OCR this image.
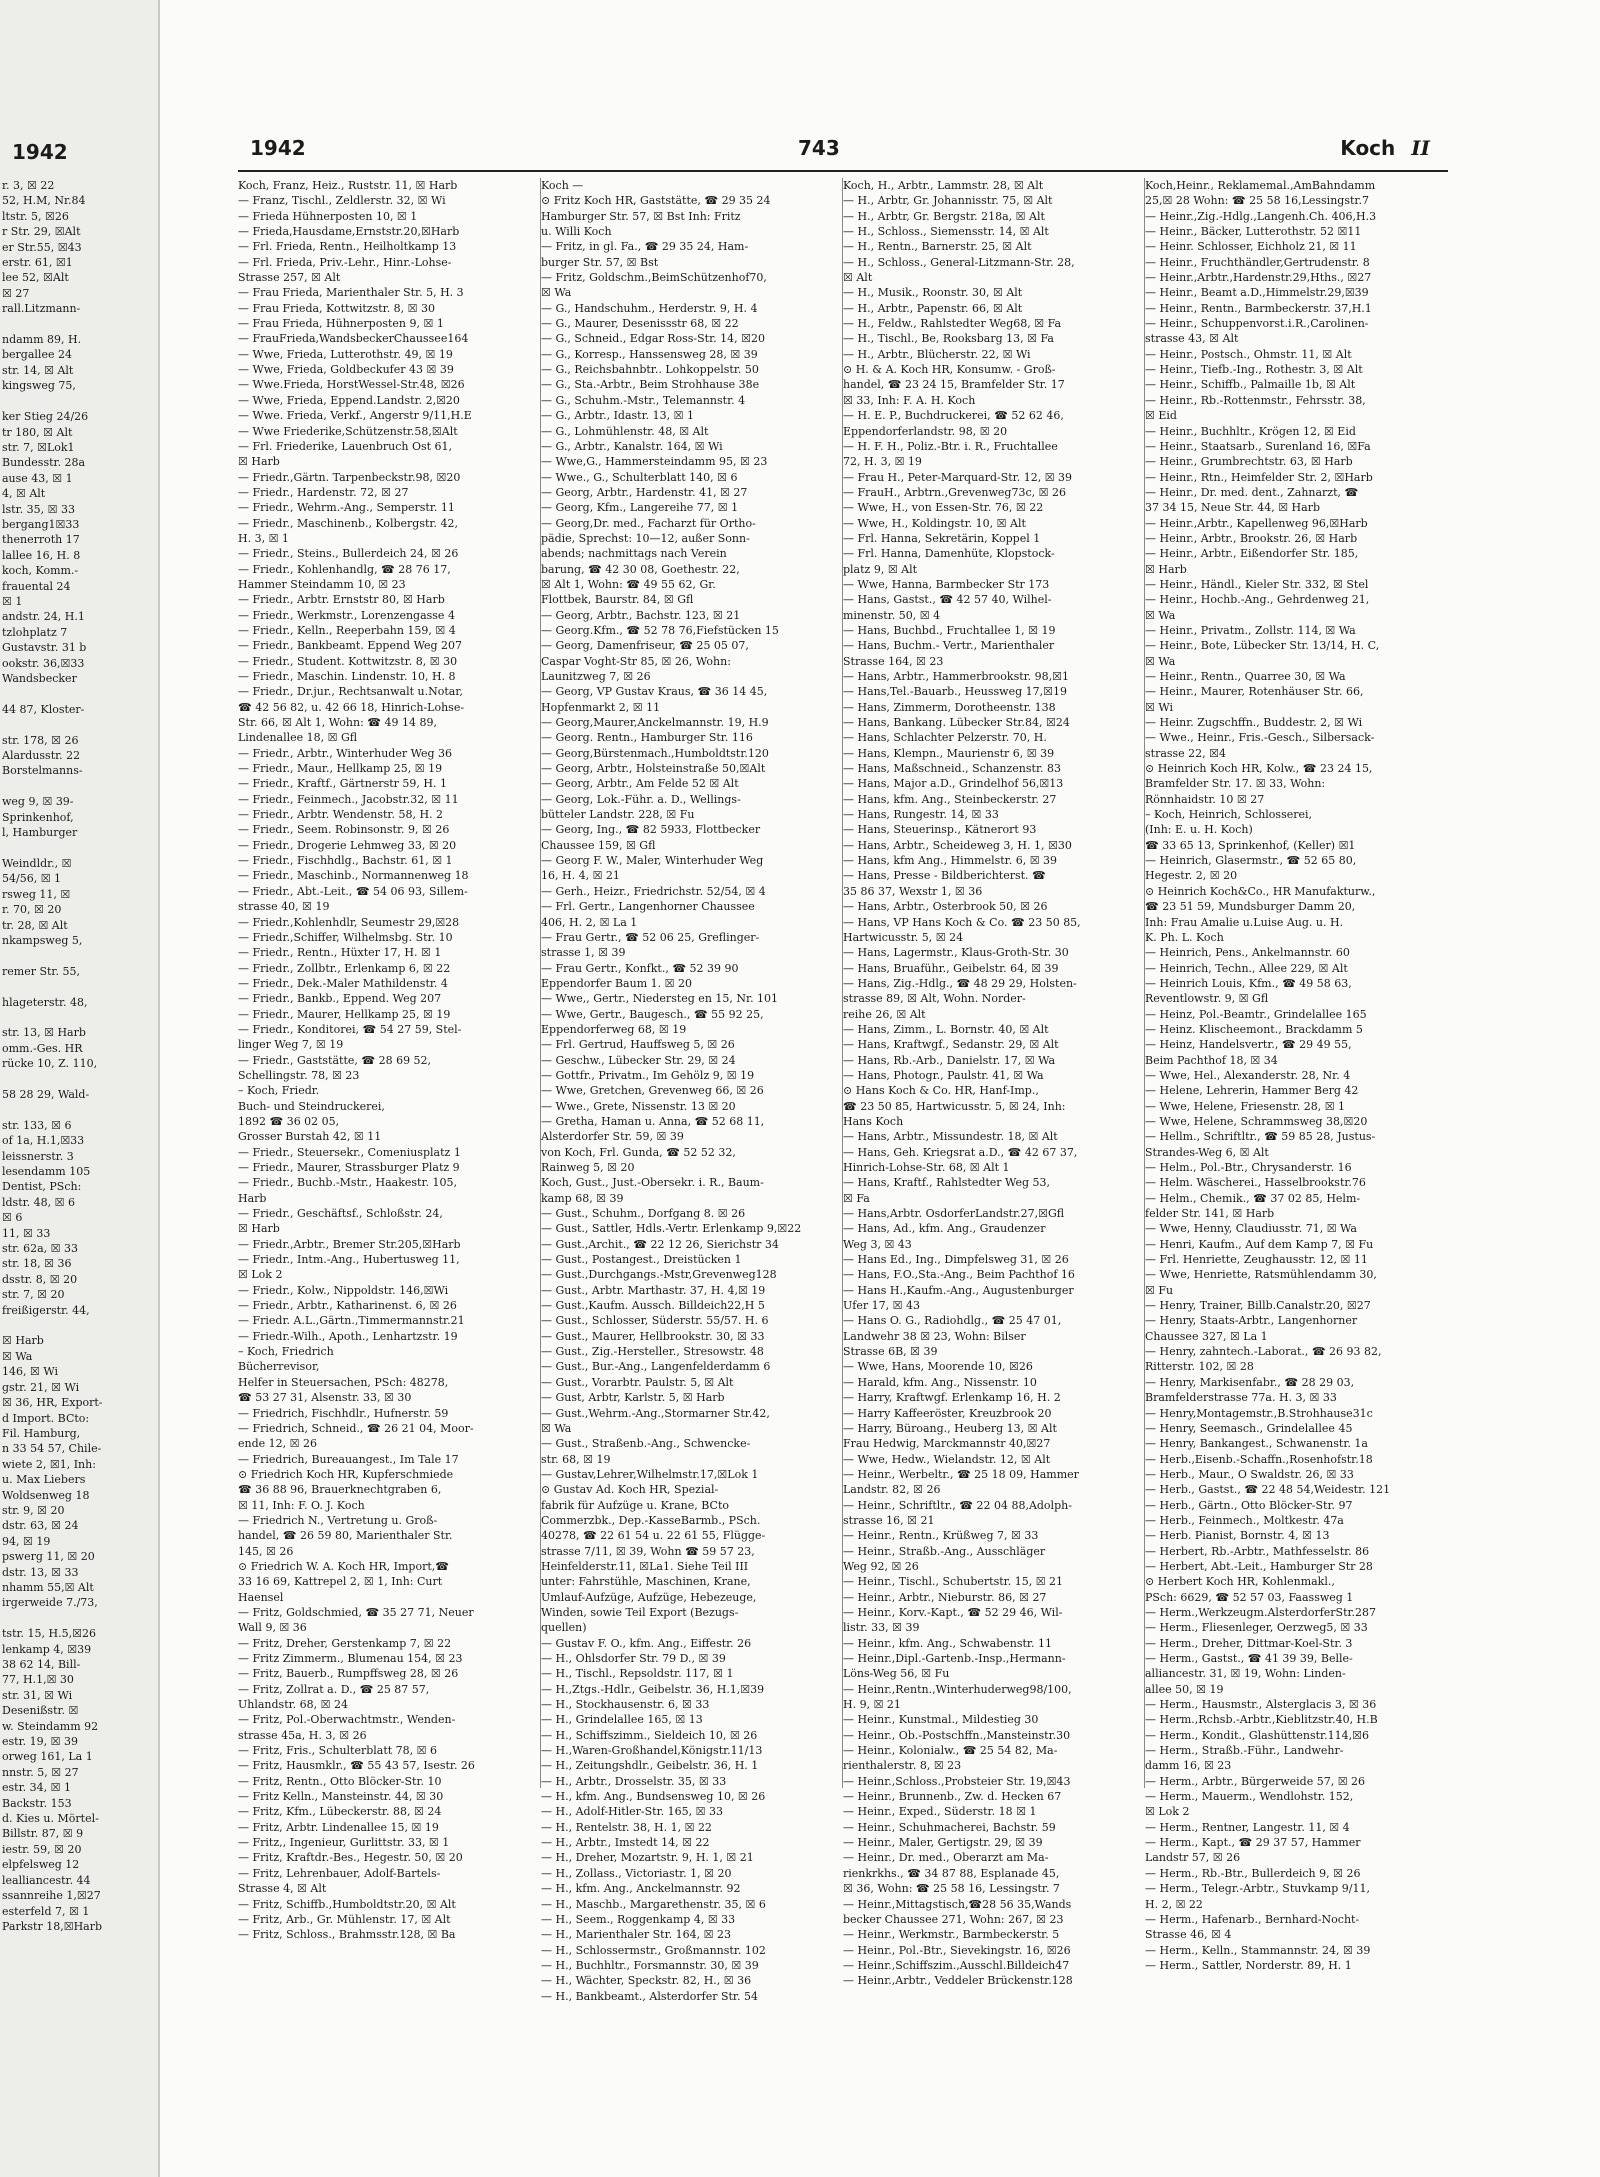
1942
r. 3, ☒ 22
52, H.M, Nr.84
ltstr. 5, ☒26
r Str. 29, ☒Alt
er Str.55, ☒43
erstr. 61, ☒1
lee 52, ☒Alt
☒ 27
rall.Litzmann-

ndamm 89, H.
bergallee 24
str. 14, ☒ Alt
kingsweg 75,

ker Stieg 24/26
tr 180, ☒ Alt
str. 7, ☒Lok1
Bundesstr. 28a
ause 43, ☒ 1
4, ☒ Alt
lstr. 35, ☒ 33
bergang1☒33
thenerroth 17
lallee 16, H. 8
koch, Komm.-
frauental 24
☒ 1
andstr. 24, H.1
tzlohplatz 7
Gustavstr. 31 b
ookstr. 36,☒33
Wandsbecker

44 87, Kloster-

str. 178, ☒ 26
Alardusstr. 22
Borstelmanns-

weg 9, ☒ 39-
Sprinkenhof,
l, Hamburger

Weindldr., ☒
54/56, ☒ 1
rsweg 11, ☒
r. 70, ☒ 20
tr. 28, ☒ Alt
nkampsweg 5,

remer Str. 55,

hlageterstr. 48,

str. 13, ☒ Harb
omm.-Ges. HR
rücke 10, Z. 110,

58 28 29, Wald-

str. 133, ☒ 6
of 1a, H.1,☒33
leissnerstr. 3
lesendamm 105
Dentist, PSch:
ldstr. 48, ☒ 6
☒ 6
11, ☒ 33
str. 62a, ☒ 33
str. 18, ☒ 36
dsstr. 8, ☒ 20
str. 7, ☒ 20
freißigerstr. 44,

☒ Harb
☒ Wa
146, ☒ Wi
gstr. 21, ☒ Wi
☒ 36, HR, Export-
d Import. BCto:
Fil. Hamburg,
n 33 54 57, Chile-
wiete 2, ☒1, Inh:
u. Max Liebers
Woldsenweg 18
str. 9, ☒ 20
dstr. 63, ☒ 24
94, ☒ 19
pswerg 11, ☒ 20
dstr. 13, ☒ 33
nhamm 55,☒ Alt
irgerweide 7./73,

tstr. 15, H.5,☒26
lenkamp 4, ☒39
38 62 14, Bill-
77, H.1,☒ 30
str. 31, ☒ Wi
Desenißstr. ☒
w. Steindamm 92
estr. 19, ☒ 39
orweg 161, La 1
nnstr. 5, ☒ 27
estr. 34, ☒ 1
Backstr. 153
d. Kies u. Mörtel-
Billstr. 87, ☒ 9
iestr. 59, ☒ 20
elpfelsweg 12
lealliancestr. 44
ssannreihe 1,☒27
esterfeld 7, ☒ 1
Parkstr 18,☒Harb
1942	743	Koch II
Koch, Franz, Heiz., Ruststr. 11, ☒ Harb
— Franz, Tischl., Zeldlerstr. 32, ☒ Wi
— Frieda Hühnerposten 10, ☒ 1
— Frieda,Hausdame,Ernststr.20,☒Harb
— Frl. Frieda, Rentn., Heilholtkamp 13
— Frl. Frieda, Priv.-Lehr., Hinr.-Lohse-
Strasse 257, ☒ Alt
— Frau Frieda, Marienthaler Str. 5, H. 3
— Frau Frieda, Kottwitzstr. 8, ☒ 30
— Frau Frieda, Hühnerposten 9, ☒ 1
— FrauFrieda,WandsbeckerChaussee164
— Wwe, Frieda, Lutterothstr. 49, ☒ 19
— Wwe, Frieda, Goldbeckufer 43 ☒ 39
— Wwe.Frieda, HorstWessel-Str.48, ☒26
— Wwe, Frieda, Eppend.Landstr. 2,☒20
— Wwe. Frieda, Verkf., Angerstr 9/11,H.E
— Wwe Friederike,Schützenstr.58,☒Alt
— Frl. Friederike, Lauenbruch Ost 61,
☒ Harb
— Friedr.,Gärtn. Tarpenbeckstr.98, ☒20
— Friedr., Hardenstr. 72, ☒ 27
— Friedr., Wehrm.-Ang., Semperstr. 11
— Friedr., Maschinenb., Kolbergstr. 42,
H. 3, ☒ 1
— Friedr., Steins., Bullerdeich 24, ☒ 26
— Friedr., Kohlenhandlg, ☎ 28 76 17,
Hammer Steindamm 10, ☒ 23
— Friedr., Arbtr. Ernststr 80, ☒ Harb
— Friedr., Werkmstr., Lorenzengasse 4
— Friedr., Kelln., Reeperbahn 159, ☒ 4
— Friedr., Bankbeamt. Eppend Weg 207
— Friedr., Student. Kottwitzstr. 8, ☒ 30
— Friedr., Maschin. Lindenstr. 10, H. 8
— Friedr., Dr.jur., Rechtsanwalt u.Notar,
☎ 42 56 82, u. 42 66 18, Hinrich-Lohse-
Str. 66, ☒ Alt 1, Wohn: ☎ 49 14 89,
Lindenallee 18, ☒ Gfl
— Friedr., Arbtr., Winterhuder Weg 36
— Friedr., Maur., Hellkamp 25, ☒ 19
— Friedr., Kraftf., Gärtnerstr 59, H. 1
— Friedr., Feinmech., Jacobstr.32, ☒ 11
— Friedr., Arbtr. Wendenstr. 58, H. 2
— Friedr., Seem. Robinsonstr. 9, ☒ 26
— Friedr., Drogerie Lehmweg 33, ☒ 20
— Friedr., Fischhdlg., Bachstr. 61, ☒ 1
— Friedr., Maschinb., Normannenweg 18
— Friedr., Abt.-Leit., ☎ 54 06 93, Sillem-
strasse 40, ☒ 19
— Friedr.,Kohlenhdlr, Seumestr 29,☒28
— Friedr.,Schiffer, Wilhelmsbg. Str. 10
— Friedr., Rentn., Hüxter 17, H. ☒ 1
— Friedr., Zollbtr., Erlenkamp 6, ☒ 22
— Friedr., Dek.-Maler Mathildenstr. 4
— Friedr., Bankb., Eppend. Weg 207
— Friedr., Maurer, Hellkamp 25, ☒ 19
— Friedr., Konditorei, ☎ 54 27 59, Stel-
linger Weg 7, ☒ 19
— Friedr., Gaststätte, ☎ 28 69 52,
Schellingstr. 78, ☒ 23
– Koch, Friedr.
Buch- und Steindruckerei,
1892 ☎ 36 02 05,
Grosser Burstah 42, ☒ 11
— Friedr., Steuersekr., Comeniusplatz 1
— Friedr., Maurer, Strassburger Platz 9
— Friedr., Buchb.-Mstr., Haakestr. 105,
Harb
— Friedr., Geschäftsf., Schloßstr. 24,
☒ Harb
— Friedr.,Arbtr., Bremer Str.205,☒Harb
— Friedr., Intm.-Ang., Hubertusweg 11,
☒ Lok 2
— Friedr., Kolw., Nippoldstr. 146,☒Wi
— Friedr., Arbtr., Katharinenst. 6, ☒ 26
— Friedr. A.L.,Gärtn.,Timmermannstr.21
— Friedr.-Wilh., Apoth., Lenhartzstr. 19
– Koch, Friedrich
Bücherrevisor,
Helfer in Steuersachen, PSch: 48278,
☎ 53 27 31, Alsenstr. 33, ☒ 30
— Friedrich, Fischhdlr., Hufnerstr. 59
— Friedrich, Schneid., ☎ 26 21 04, Moor-
ende 12, ☒ 26
— Friedrich, Bureauangest., Im Tale 17
⊙ Friedrich Koch HR, Kupferschmiede
☎ 36 88 96, Brauerknechtgraben 6,
☒ 11, Inh: F. O. J. Koch
— Friedrich N., Vertretung u. Groß-
handel, ☎ 26 59 80, Marienthaler Str.
145, ☒ 26
⊙ Friedrich W. A. Koch HR, Import,☎
33 16 69, Kattrepel 2, ☒ 1, Inh: Curt
Haensel
— Fritz, Goldschmied, ☎ 35 27 71, Neuer
Wall 9, ☒ 36
— Fritz, Dreher, Gerstenkamp 7, ☒ 22
— Fritz Zimmerm., Blumenau 154, ☒ 23
— Fritz, Bauerb., Rumpffsweg 28, ☒ 26
— Fritz, Zollrat a. D., ☎ 25 87 57,
Uhlandstr. 68, ☒ 24
— Fritz, Pol.-Oberwachtmstr., Wenden-
strasse 45a, H. 3, ☒ 26
— Fritz, Fris., Schulterblatt 78, ☒ 6
— Fritz, Hausmklr., ☎ 55 43 57, Isestr. 26
— Fritz, Rentn., Otto Blöcker-Str. 10
— Fritz Kelln., Mansteinstr. 44, ☒ 30
— Fritz, Kfm., Lübeckerstr. 88, ☒ 24
— Fritz, Arbtr. Lindenallee 15, ☒ 19
— Fritz,, Ingenieur, Gurlittstr. 33, ☒ 1
— Fritz, Kraftdr.-Bes., Hegestr. 50, ☒ 20
— Fritz, Lehrenbauer, Adolf-Bartels-
Strasse 4, ☒ Alt
— Fritz, Schiffb.,Humboldtstr.20, ☒ Alt
— Fritz, Arb., Gr. Mühlenstr. 17, ☒ Alt
— Fritz, Schloss., Brahmsstr.128, ☒ Ba
Koch —
⊙ Fritz Koch HR, Gaststätte, ☎ 29 35 24
Hamburger Str. 57, ☒ Bst Inh: Fritz
u. Willi Koch
— Fritz, in gl. Fa., ☎ 29 35 24, Ham-
burger Str. 57, ☒ Bst
— Fritz, Goldschm.,BeimSchützenhof70,
☒ Wa
— G., Handschuhm., Herderstr. 9, H. 4
— G., Maurer, Desenissstr 68, ☒ 22
— G., Schneid., Edgar Ross-Str. 14, ☒20
— G., Korresp., Hanssensweg 28, ☒ 39
— G., Reichsbahnbtr.. Lohkoppelstr. 50
— G., Sta.-Arbtr., Beim Strohhause 38e
— G., Schuhm.-Mstr., Telemannstr. 4
— G., Arbtr., Idastr. 13, ☒ 1
— G., Lohmühlenstr. 48, ☒ Alt
— G., Arbtr., Kanalstr. 164, ☒ Wi
— Wwe,G., Hammersteindamm 95, ☒ 23
— Wwe., G., Schulterblatt 140, ☒ 6
— Georg, Arbtr., Hardenstr. 41, ☒ 27
— Georg, Kfm., Langereihe 77, ☒ 1
— Georg,Dr. med., Facharzt für Ortho-
pädie, Sprechst: 10—12, außer Sonn-
abends; nachmittags nach Verein
barung, ☎ 42 30 08, Goethestr. 22,
☒ Alt 1, Wohn: ☎ 49 55 62, Gr.
Flottbek, Baurstr. 84, ☒ Gfl
— Georg, Arbtr., Bachstr. 123, ☒ 21
— Georg.Kfm., ☎ 52 78 76,Fiefstücken 15
— Georg, Damenfriseur, ☎ 25 05 07,
Caspar Voght-Str 85, ☒ 26, Wohn:
Launitzweg 7, ☒ 26
— Georg, VP Gustav Kraus, ☎ 36 14 45,
Hopfenmarkt 2, ☒ 11
— Georg,Maurer,Anckelmannstr. 19, H.9
— Georg. Rentn., Hamburger Str. 116
— Georg,Bürstenmach.,Humboldtstr.120
— Georg, Arbtr., Holsteinstraße 50,☒Alt
— Georg, Arbtr., Am Felde 52 ☒ Alt
— Georg, Lok.-Führ. a. D., Wellings-
bütteler Landstr. 228, ☒ Fu
— Georg, Ing., ☎ 82 5933, Flottbecker
Chaussee 159, ☒ Gfl
— Georg F. W., Maler, Winterhuder Weg
16, H. 4, ☒ 21
— Gerh., Heizr., Friedrichstr. 52/54, ☒ 4
— Frl. Gertr., Langenhorner Chaussee
406, H. 2, ☒ La 1
— Frau Gertr., ☎ 52 06 25, Greflinger-
strasse 1, ☒ 39
— Frau Gertr., Konfkt., ☎ 52 39 90
Eppendorfer Baum 1. ☒ 20
— Wwe,, Gertr., Niedersteg en 15, Nr. 101
— Wwe, Gertr., Baugesch., ☎ 55 92 25,
Eppendorferweg 68, ☒ 19
— Frl. Gertrud, Hauffsweg 5, ☒ 26
— Geschw., Lübecker Str. 29, ☒ 24
— Gottfr., Privatm., Im Gehölz 9, ☒ 19
— Wwe, Gretchen, Grevenweg 66, ☒ 26
— Wwe., Grete, Nissenstr. 13 ☒ 20
— Gretha, Haman u. Anna, ☎ 52 68 11,
Alsterdorfer Str. 59, ☒ 39
von Koch, Frl. Gunda, ☎ 52 52 32,
Rainweg 5, ☒ 20
Koch, Gust., Just.-Obersekr. i. R., Baum-
kamp 68, ☒ 39
— Gust., Schuhm., Dorfgang 8. ☒ 26
— Gust., Sattler, Hdls.-Vertr. Erlenkamp 9,☒22
— Gust.,Archit., ☎ 22 12 26, Sierichstr 34
— Gust., Postangest., Dreistücken 1
— Gust.,Durchgangs.-Mstr,Grevenweg128
— Gust., Arbtr. Marthastr. 37, H. 4,☒ 19
— Gust.,Kaufm. Aussch. Billdeich22,H 5
— Gust., Schlosser, Süderstr. 55/57. H. 6
— Gust., Maurer, Hellbrookstr. 30, ☒ 33
— Gust., Zig.-Hersteller., Stresowstr. 48
— Gust., Bur.-Ang., Langenfelderdamm 6
— Gust., Vorarbtr. Paulstr. 5, ☒ Alt
— Gust, Arbtr, Karlstr. 5, ☒ Harb
— Gust.,Wehrm.-Ang.,Stormarner Str.42,
☒ Wa
— Gust., Straßenb.-Ang., Schwencke-
str. 68, ☒ 19
— Gustav,Lehrer,Wilhelmstr.17,☒Lok 1
⊙ Gustav Ad. Koch HR, Spezial-
fabrik für Aufzüge u. Krane, BCto
Commerzbk., Dep.-KasseBarmb., PSch.
40278, ☎ 22 61 54 u. 22 61 55, Flügge-
strasse 7/11, ☒ 39, Wohn ☎ 59 57 23,
Heinfelderstr.11, ☒La1. Siehe Teil III
unter: Fahrstühle, Maschinen, Krane,
Umlauf-Aufzüge, Aufzüge, Hebezeuge,
Winden, sowie Teil Export (Bezugs-
quellen)
— Gustav F. O., kfm. Ang., Eiffestr. 26
— H., Ohlsdorfer Str. 79 D., ☒ 39
— H., Tischl., Repsoldstr. 117, ☒ 1
— H.,Ztgs.-Hdlr., Geibelstr. 36, H.1,☒39
— H., Stockhausenstr. 6, ☒ 33
— H., Grindelallee 165, ☒ 13
— H., Schiffszimm., Sieldeich 10, ☒ 26
— H.,Waren-Großhandel,Königstr.11/13
— H., Zeitungshdlr., Geibelstr. 36, H. 1
— H., Arbtr., Drosselstr. 35, ☒ 33
— H., kfm. Ang., Bundsensweg 10, ☒ 26
— H., Adolf-Hitler-Str. 165, ☒ 33
— H., Rentelstr. 38, H. 1, ☒ 22
— H., Arbtr., Imstedt 14, ☒ 22
— H., Dreher, Mozartstr. 9, H. 1, ☒ 21
— H., Zollass., Victoriastr. 1, ☒ 20
— H., kfm. Ang., Anckelmannstr. 92
— H., Maschb., Margarethenstr. 35, ☒ 6
— H., Seem., Roggenkamp 4, ☒ 33
— H., Marienthaler Str. 164, ☒ 23
— H., Schlossermstr., Großmannstr. 102
— H., Buchhltr., Forsmannstr. 30, ☒ 39
— H., Wächter, Speckstr. 82, H., ☒ 36
— H., Bankbeamt., Alsterdorfer Str. 54
Koch, H., Arbtr., Lammstr. 28, ☒ Alt
— H., Arbtr, Gr. Johannisstr. 75, ☒ Alt
— H., Arbtr, Gr. Bergstr. 218a, ☒ Alt
— H., Schloss., Siemensstr. 14, ☒ Alt
— H., Rentn., Barnerstr. 25, ☒ Alt
— H., Schloss., General-Litzmann-Str. 28,
☒ Alt
— H., Musik., Roonstr. 30, ☒ Alt
— H., Arbtr., Papenstr. 66, ☒ Alt
— H., Feldw., Rahlstedter Weg68, ☒ Fa
— H., Tischl., Be, Rooksbarg 13, ☒ Fa
— H., Arbtr., Blücherstr. 22, ☒ Wi
⊙ H. & A. Koch HR, Konsumw. - Groß-
handel, ☎ 23 24 15, Bramfelder Str. 17
☒ 33, Inh: F. A. H. Koch
— H. E. P., Buchdruckerei, ☎ 52 62 46,
Eppendorferlandstr. 98, ☒ 20
— H. F. H., Poliz.-Btr. i. R., Fruchtallee
72, H. 3, ☒ 19
— Frau H., Peter-Marquard-Str. 12, ☒ 39
— FrauH., Arbtrn.,Grevenweg73c, ☒ 26
— Wwe, H., von Essen-Str. 76, ☒ 22
— Wwe, H., Koldingstr. 10, ☒ Alt
— Frl. Hanna, Sekretärin, Koppel 1
— Frl. Hanna, Damenhüte, Klopstock-
platz 9, ☒ Alt
— Wwe, Hanna, Barmbecker Str 173
— Hans, Gastst., ☎ 42 57 40, Wilhel-
minenstr. 50, ☒ 4
— Hans, Buchbd., Fruchtallee 1, ☒ 19
— Hans, Buchm.- Vertr., Marienthaler
Strasse 164, ☒ 23
— Hans, Arbtr., Hammerbrookstr. 98,☒1
— Hans,Tel.-Bauarb., Heussweg 17,☒19
— Hans, Zimmerm, Dorotheenstr. 138
— Hans, Bankang. Lübecker Str.84, ☒24
— Hans, Schlachter Pelzerstr. 70, H.
— Hans, Klempn., Maurienstr 6, ☒ 39
— Hans, Maßschneid., Schanzenstr. 83
— Hans, Major a.D., Grindelhof 56,☒13
— Hans, kfm. Ang., Steinbeckerstr. 27
— Hans, Rungestr. 14, ☒ 33
— Hans, Steuerinsp., Kätnerort 93
— Hans, Arbtr., Scheideweg 3, H. 1, ☒30
— Hans, kfm Ang., Himmelstr. 6, ☒ 39
— Hans, Presse - Bildberichterst. ☎
35 86 37, Wexstr 1, ☒ 36
— Hans, Arbtr., Osterbrook 50, ☒ 26
— Hans, VP Hans Koch & Co. ☎ 23 50 85,
Hartwicusstr. 5, ☒ 24
— Hans, Lagermstr., Klaus-Groth-Str. 30
— Hans, Bruaführ., Geibelstr. 64, ☒ 39
— Hans, Zig.-Hdlg., ☎ 48 29 29, Holsten-
strasse 89, ☒ Alt, Wohn. Norder-
reihe 26, ☒ Alt
— Hans, Zimm., L. Bornstr. 40, ☒ Alt
— Hans, Kraftwgf., Sedanstr. 29, ☒ Alt
— Hans, Rb.-Arb., Danielstr. 17, ☒ Wa
— Hans, Photogr., Paulstr. 41, ☒ Wa
⊙ Hans Koch & Co. HR, Hanf-Imp.,
☎ 23 50 85, Hartwicusstr. 5, ☒ 24, Inh:
Hans Koch
— Hans, Arbtr., Missundestr. 18, ☒ Alt
— Hans, Geh. Kriegsrat a.D., ☎ 42 67 37,
Hinrich-Lohse-Str. 68, ☒ Alt 1
— Hans, Kraftf., Rahlstedter Weg 53,
☒ Fa
— Hans,Arbtr. OsdorferLandstr.27,☒Gfl
— Hans, Ad., kfm. Ang., Graudenzer
Weg 3, ☒ 43
— Hans Ed., Ing., Dimpfelsweg 31, ☒ 26
— Hans, F.O.,Sta.-Ang., Beim Pachthof 16
— Hans H.,Kaufm.-Ang., Augustenburger
Ufer 17, ☒ 43
— Hans O. G., Radiohdlg., ☎ 25 47 01,
Landwehr 38 ☒ 23, Wohn: Bilser
Strasse 6B, ☒ 39
— Wwe, Hans, Moorende 10, ☒26
— Harald, kfm. Ang., Nissenstr. 10
— Harry, Kraftwgf. Erlenkamp 16, H. 2
— Harry Kaffeeröster, Kreuzbrook 20
— Harry, Büroang., Heuberg 13, ☒ Alt
Frau Hedwig, Marckmannstr 40,☒27
— Wwe, Hedw., Wielandstr. 12, ☒ Alt
— Heinr., Werbeltr., ☎ 25 18 09, Hammer
Landstr. 82, ☒ 26
— Heinr., Schriftltr., ☎ 22 04 88,Adolph-
strasse 16, ☒ 21
— Heinr., Rentn., Krüßweg 7, ☒ 33
— Heinr., Straßb.-Ang., Ausschläger
Weg 92, ☒ 26
— Heinr., Tischl., Schubertstr. 15, ☒ 21
— Heinr., Arbtr., Nieburstr. 86, ☒ 27
— Heinr., Korv.-Kapt., ☎ 52 29 46, Wil-
listr. 33, ☒ 39
— Heinr., kfm. Ang., Schwabenstr. 11
— Heinr.,Dipl.-Gartenb.-Insp.,Hermann-
Löns-Weg 56, ☒ Fu
— Heinr.,Rentn.,Winterhuderweg98/100,
H. 9, ☒ 21
— Heinr., Kunstmal., Mildestieg 30
— Heinr., Ob.-Postschffn.,Mansteinstr.30
— Heinr., Kolonialw., ☎ 25 54 82, Ma-
rienthalerstr. 8, ☒ 23
— Heinr.,Schloss.,Probsteier Str. 19,☒43
— Heinr., Brunnenb., Zw. d. Hecken 67
— Heinr., Exped., Süderstr. 18 ☒ 1
— Heinr., Schuhmacherei, Bachstr. 59
— Heinr., Maler, Gertigstr. 29, ☒ 39
— Heinr., Dr. med., Oberarzt am Ma-
rienkrkhs., ☎ 34 87 88, Esplanade 45,
☒ 36, Wohn: ☎ 25 58 16, Lessingstr. 7
— Heinr.,Mittagstisch,☎28 56 35,Wands
becker Chaussee 271, Wohn: 267, ☒ 23
— Heinr., Werkmstr., Barmbeckerstr. 5
— Heinr., Pol.-Btr., Sievekingstr. 16, ☒26
— Heinr.,Schiffszim.,Ausschl.Billdeich47
— Heinr.,Arbtr., Veddeler Brückenstr.128
Koch,Heinr., Reklamemal.,AmBahndamm
25,☒ 28 Wohn: ☎ 25 58 16,Lessingstr.7
— Heinr.,Zig.-Hdlg.,Langenh.Ch. 406,H.3
— Heinr., Bäcker, Lutterothstr. 52 ☒11
— Heinr. Schlosser, Eichholz 21, ☒ 11
— Heinr., Fruchthändler,Gertrudenstr. 8
— Heinr.,Arbtr.,Hardenstr.29,Hths., ☒27
— Heinr., Beamt a.D.,Himmelstr.29,☒39
— Heinr., Rentn., Barmbeckerstr. 37,H.1
— Heinr., Schuppenvorst.i.R.,Carolinen-
strasse 43, ☒ Alt
— Heinr., Postsch., Ohmstr. 11, ☒ Alt
— Heinr., Tiefb.-Ing., Rothestr. 3, ☒ Alt
— Heinr., Schiffb., Palmaille 1b, ☒ Alt
— Heinr., Rb.-Rottenmstr., Fehrsstr. 38,
☒ Eid
— Heinr., Buchhltr., Krögen 12, ☒ Eid
— Heinr., Staatsarb., Surenland 16, ☒Fa
— Heinr., Grumbrechtstr. 63, ☒ Harb
— Heinr., Rtn., Heimfelder Str. 2, ☒Harb
— Heinr., Dr. med. dent., Zahnarzt, ☎
37 34 15, Neue Str. 44, ☒ Harb
— Heinr.,Arbtr., Kapellenweg 96,☒Harb
— Heinr., Arbtr., Brookstr. 26, ☒ Harb
— Heinr., Arbtr., Eißendorfer Str. 185,
☒ Harb
— Heinr., Händl., Kieler Str. 332, ☒ Stel
— Heinr., Hochb.-Ang., Gehrdenweg 21,
☒ Wa
— Heinr., Privatm., Zollstr. 114, ☒ Wa
— Heinr., Bote, Lübecker Str. 13/14, H. C,
☒ Wa
— Heinr., Rentn., Quarree 30, ☒ Wa
— Heinr., Maurer, Rotenhäuser Str. 66,
☒ Wi
— Heinr. Zugschffn., Buddestr. 2, ☒ Wi
— Wwe., Heinr., Fris.-Gesch., Silbersack-
strasse 22, ☒4
⊙ Heinrich Koch HR, Kolw., ☎ 23 24 15,
Bramfelder Str. 17. ☒ 33, Wohn:
Rönnhaidstr. 10 ☒ 27
– Koch, Heinrich, Schlosserei,
(Inh: E. u. H. Koch)
☎ 33 65 13, Sprinkenhof, (Keller) ☒1
— Heinrich, Glasermstr., ☎ 52 65 80,
Hegestr. 2, ☒ 20
⊙ Heinrich Koch&Co., HR Manufakturw.,
☎ 23 51 59, Mundsburger Damm 20,
Inh: Frau Amalie u.Luise Aug. u. H.
K. Ph. L. Koch
— Heinrich, Pens., Ankelmannstr. 60
— Heinrich, Techn., Allee 229, ☒ Alt
— Heinrich Louis, Kfm., ☎ 49 58 63,
Reventlowstr. 9, ☒ Gfl
— Heinz, Pol.-Beamtr., Grindelallee 165
— Heinz. Klischeemont., Brackdamm 5
— Heinz, Handelsvertr., ☎ 29 49 55,
Beim Pachthof 18, ☒ 34
— Wwe, Hel., Alexanderstr. 28, Nr. 4
— Helene, Lehrerin, Hammer Berg 42
— Wwe, Helene, Friesenstr. 28, ☒ 1
— Wwe, Helene, Schrammsweg 38,☒20
— Hellm., Schriftltr., ☎ 59 85 28, Justus-
Strandes-Weg 6, ☒ Alt
— Helm., Pol.-Btr., Chrysanderstr. 16
— Helm. Wäscherei., Hasselbrookstr.76
— Helm., Chemik., ☎ 37 02 85, Helm-
felder Str. 141, ☒ Harb
— Wwe, Henny, Claudiusstr. 71, ☒ Wa
— Henri, Kaufm., Auf dem Kamp 7, ☒ Fu
— Frl. Henriette, Zeughausstr. 12, ☒ 11
— Wwe, Henriette, Ratsmühlendamm 30,
☒ Fu
— Henry, Trainer, Billb.Canalstr.20, ☒27
— Henry, Staats-Arbtr., Langenhorner
Chaussee 327, ☒ La 1
— Henry, zahntech.-Laborat., ☎ 26 93 82,
Ritterstr. 102, ☒ 28
— Henry, Markisenfabr., ☎ 28 29 03,
Bramfelderstrasse 77a. H. 3, ☒ 33
— Henry,Montagemstr.,B.Strohhause31c
— Henry, Seemasch., Grindelallee 45
— Henry, Bankangest., Schwanenstr. 1a
— Herb.,Eisenb.-Schaffn.,Rosenhofstr.18
— Herb., Maur., O Swaldstr. 26, ☒ 33
— Herb., Gastst., ☎ 22 48 54,Weidestr. 121
— Herb., Gärtn., Otto Blöcker-Str. 97
— Herb., Feinmech., Moltkestr. 47a
— Herb. Pianist, Bornstr. 4, ☒ 13
— Herbert, Rb.-Arbtr., Mathfesselstr. 86
— Herbert, Abt.-Leit., Hamburger Str 28
⊙ Herbert Koch HR, Kohlenmakl.,
PSch: 6629, ☎ 52 57 03, Faassweg 1
— Herm.,Werkzeugm.AlsterdorferStr.287
— Herm., Fliesenleger, Oerzweg5, ☒ 33
— Herm., Dreher, Dittmar-Koel-Str. 3
— Herm., Gastst., ☎ 41 39 39, Belle-
alliancestr. 31, ☒ 19, Wohn: Linden-
allee 50, ☒ 19
— Herm., Hausmstr., Alsterglacis 3, ☒ 36
— Herm.,Rchsb.-Arbtr.,Kieblitzstr.40, H.B
— Herm., Kondit., Glashüttenstr.114,☒6
— Herm., Straßb.-Führ., Landwehr-
damm 16, ☒ 23
— Herm., Arbtr., Bürgerweide 57, ☒ 26
— Herm., Mauerm., Wendlohstr. 152,
☒ Lok 2
— Herm., Rentner, Langestr. 11, ☒ 4
— Herm., Kapt., ☎ 29 37 57, Hammer
Landstr 57, ☒ 26
— Herm., Rb.-Btr., Bullerdeich 9, ☒ 26
— Herm., Telegr.-Arbtr., Stuvkamp 9/11,
H. 2, ☒ 22
— Herm., Hafenarb., Bernhard-Nocht-
Strasse 46, ☒ 4
— Herm., Kelln., Stammannstr. 24, ☒ 39
— Herm., Sattler, Norderstr. 89, H. 1
